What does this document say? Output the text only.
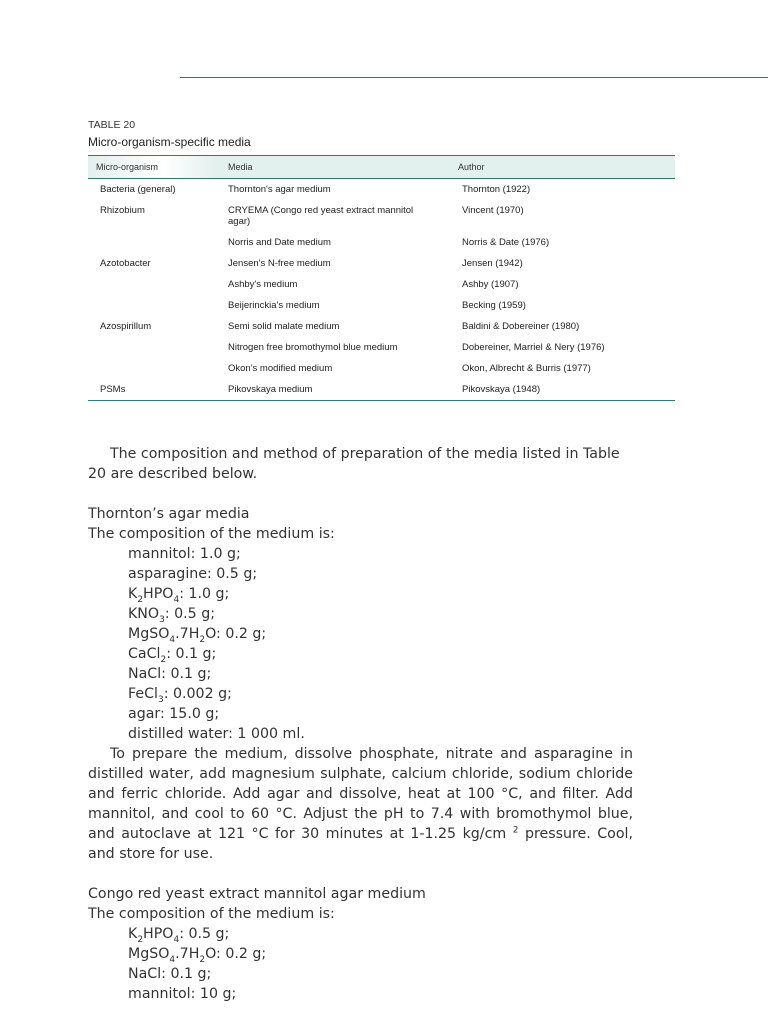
TABLE 20
Micro-organism-specific media
Micro-organism	Media	Author
Bacteria (general)	Thornton's agar medium	Thornton (1922)
Rhizobium	CRYEMA (Congo red yeast extract mannitol agar)	Vincent (1970)
	Norris and Date medium	Norris & Date (1976)
Azotobacter	Jensen's N-free medium	Jensen (1942)
	Ashby's medium	Ashby (1907)
	Beijerinckia's medium	Becking (1959)
Azospirillum	Semi solid malate medium	Baldini & Dobereiner (1980)
	Nitrogen free bromothymol blue medium	Dobereiner, Marriel & Nery (1976)
	Okon's modified medium	Okon, Albrecht & Burris (1977)
PSMs	Pikovskaya medium	Pikovskaya (1948)

The composition and method of preparation of the media listed in Table 20 are described below.

Thornton’s agar media

The composition of the medium is:

mannitol: 1.0 g;

asparagine: 0.5 g;

$K_2HPO_4$: 1.0 g;

$KNO_3$: 0.5 g;

$MgSO_4.7H_2O$: 0.2 g;

CaCl$_2$: 0.1 g;

NaCl: 0.1 g;

FeCl$_3$: 0.002 g;

agar: 15.0 g;

distilled water: 1 000 ml.

To prepare the medium, dissolve phosphate, nitrate and asparagine in distilled water, add magnesium sulphate, calcium chloride, sodium chloride and ferric chloride. Add agar and dissolve, heat at 100 °C, and filter. Add mannitol, and cool to 60 °C. Adjust the pH to 7.4 with bromothymol blue, and autoclave at 121 °C for 30 minutes at 1-1.25 kg/cm $^2$ pressure. Cool, and store for use.

Congo red yeast extract mannitol agar medium

The composition of the medium is:

$K_2HPO_4$: 0.5 g;

$MgSO_4.7H_2O$: 0.2 g;

NaCl: 0.1 g;

mannitol: 10 g;
